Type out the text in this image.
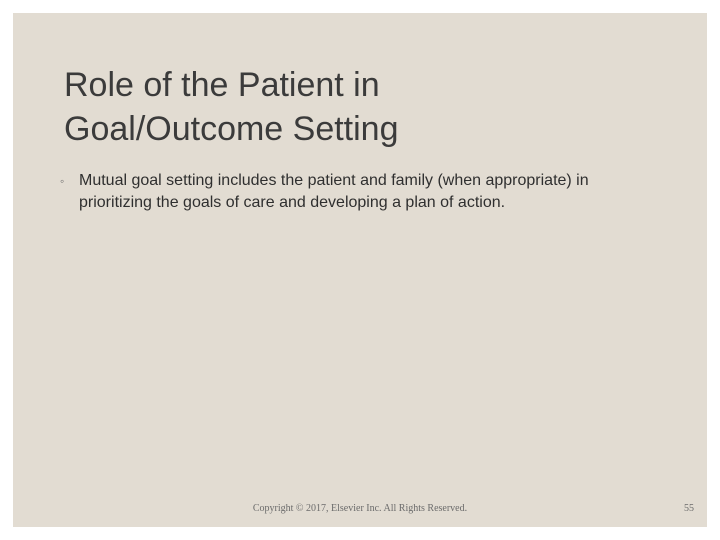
Role of the Patient in
Goal/Outcome Setting
◦ Mutual goal setting includes the patient and family (when appropriate) in prioritizing the goals of care and developing a plan of action.
Copyright © 2017, Elsevier Inc. All Rights Reserved.	55
